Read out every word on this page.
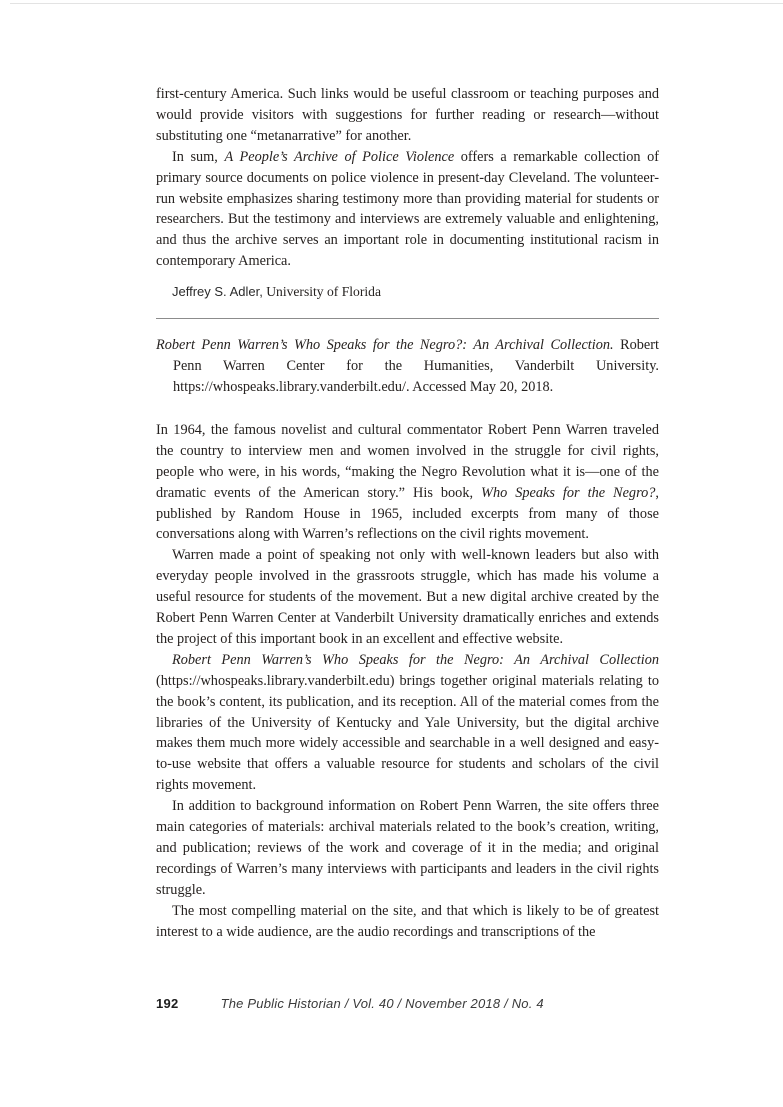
first-century America. Such links would be useful classroom or teaching purposes and would provide visitors with suggestions for further reading or research—without substituting one “metanarrative” for another.
In sum, A People’s Archive of Police Violence offers a remarkable collection of primary source documents on police violence in present-day Cleveland. The volunteer-run website emphasizes sharing testimony more than providing material for students or researchers. But the testimony and interviews are extremely valuable and enlightening, and thus the archive serves an important role in documenting institutional racism in contemporary America.
Jeffrey S. Adler, University of Florida
Robert Penn Warren’s Who Speaks for the Negro?: An Archival Collection. Robert Penn Warren Center for the Humanities, Vanderbilt University. https://whospeaks.library.vanderbilt.edu/. Accessed May 20, 2018.
In 1964, the famous novelist and cultural commentator Robert Penn Warren traveled the country to interview men and women involved in the struggle for civil rights, people who were, in his words, “making the Negro Revolution what it is—one of the dramatic events of the American story.” His book, Who Speaks for the Negro?, published by Random House in 1965, included excerpts from many of those conversations along with Warren’s reflections on the civil rights movement.
Warren made a point of speaking not only with well-known leaders but also with everyday people involved in the grassroots struggle, which has made his volume a useful resource for students of the movement. But a new digital archive created by the Robert Penn Warren Center at Vanderbilt University dramatically enriches and extends the project of this important book in an excellent and effective website.
Robert Penn Warren’s Who Speaks for the Negro: An Archival Collection (https://whospeaks.library.vanderbilt.edu) brings together original materials relating to the book’s content, its publication, and its reception. All of the material comes from the libraries of the University of Kentucky and Yale University, but the digital archive makes them much more widely accessible and searchable in a well designed and easy-to-use website that offers a valuable resource for students and scholars of the civil rights movement.
In addition to background information on Robert Penn Warren, the site offers three main categories of materials: archival materials related to the book’s creation, writing, and publication; reviews of the work and coverage of it in the media; and original recordings of Warren’s many interviews with participants and leaders in the civil rights struggle.
The most compelling material on the site, and that which is likely to be of greatest interest to a wide audience, are the audio recordings and transcriptions of the
192	The Public Historian / Vol. 40 / November 2018 / No. 4
